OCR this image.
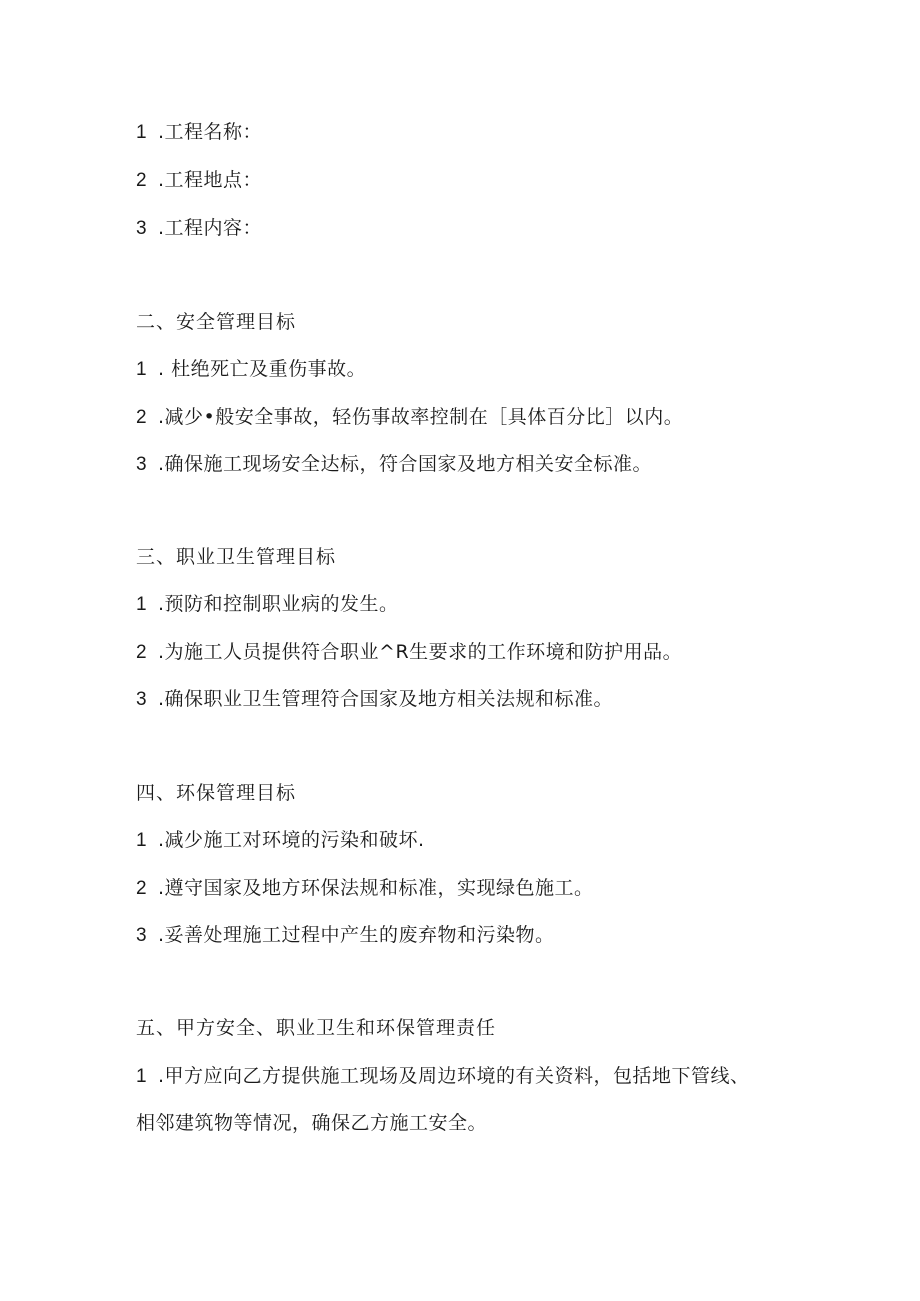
1 .工程名称：
2 .工程地点：
3 .工程内容：
二、安全管理目标
1 . 杜绝死亡及重伤事故。
2 .减少•般安全事故，轻伤事故率控制在［具体百分比］以内。
3 .确保施工现场安全达标，符合国家及地方相关安全标准。
三、职业卫生管理目标
1 .预防和控制职业病的发生。
2 .为施工人员提供符合职业^R生要求的工作环境和防护用品。
3 .确保职业卫生管理符合国家及地方相关法规和标准。
四、环保管理目标
1 .减少施工对环境的污染和破坏.
2 .遵守国家及地方环保法规和标准，实现绿色施工。
3 .妥善处理施工过程中产生的废弃物和污染物。
五、甲方安全、职业卫生和环保管理责任
1 .甲方应向乙方提供施工现场及周边环境的有关资料，包括地下管线、
相邻建筑物等情况，确保乙方施工安全。
